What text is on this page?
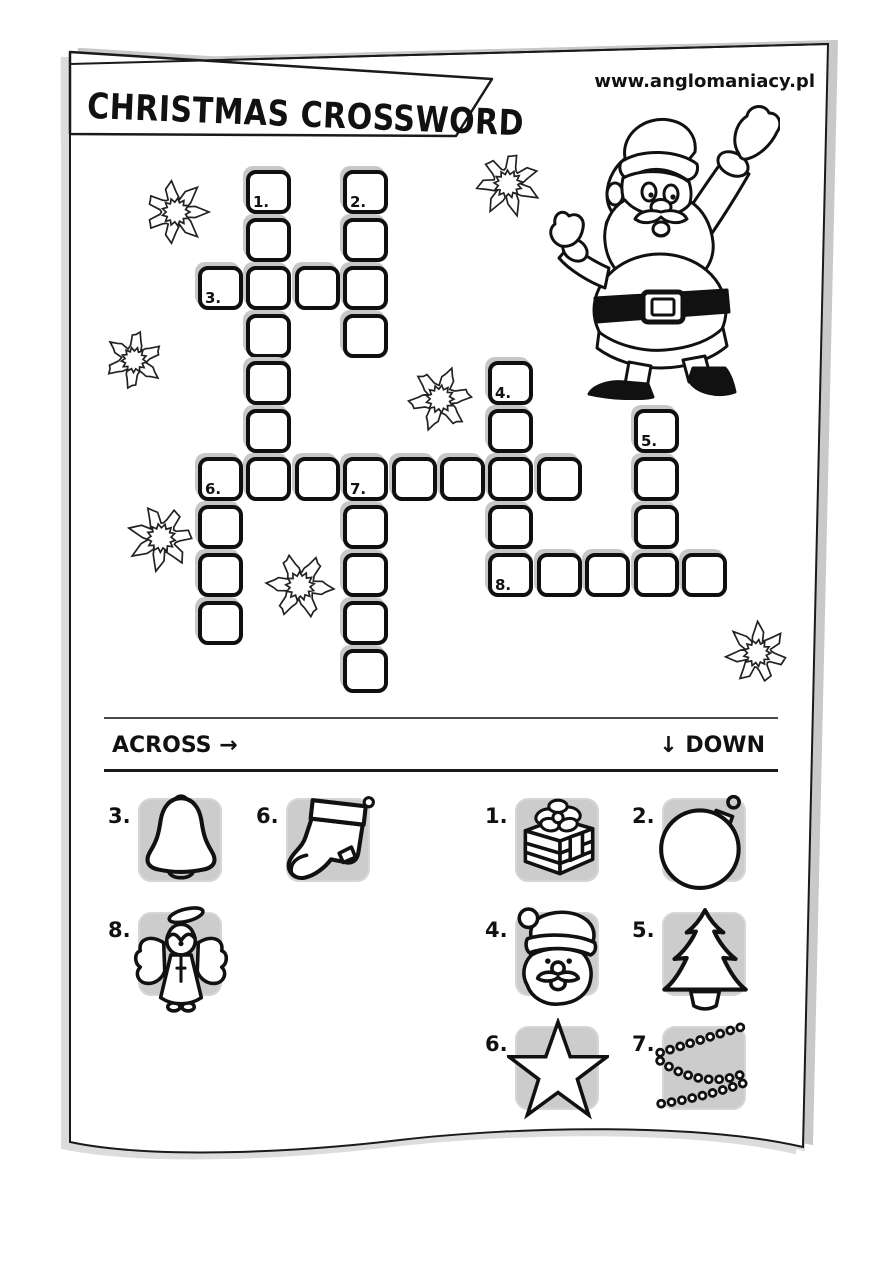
CHRISTMAS CROSSWORD
www.anglomaniacy.pl
1.	2.
3.
4.
5.
6.	7.
8.
ACROSS →	↓ DOWN
3.	6.
8.
1.	2.
4.	5.
6.	7.
